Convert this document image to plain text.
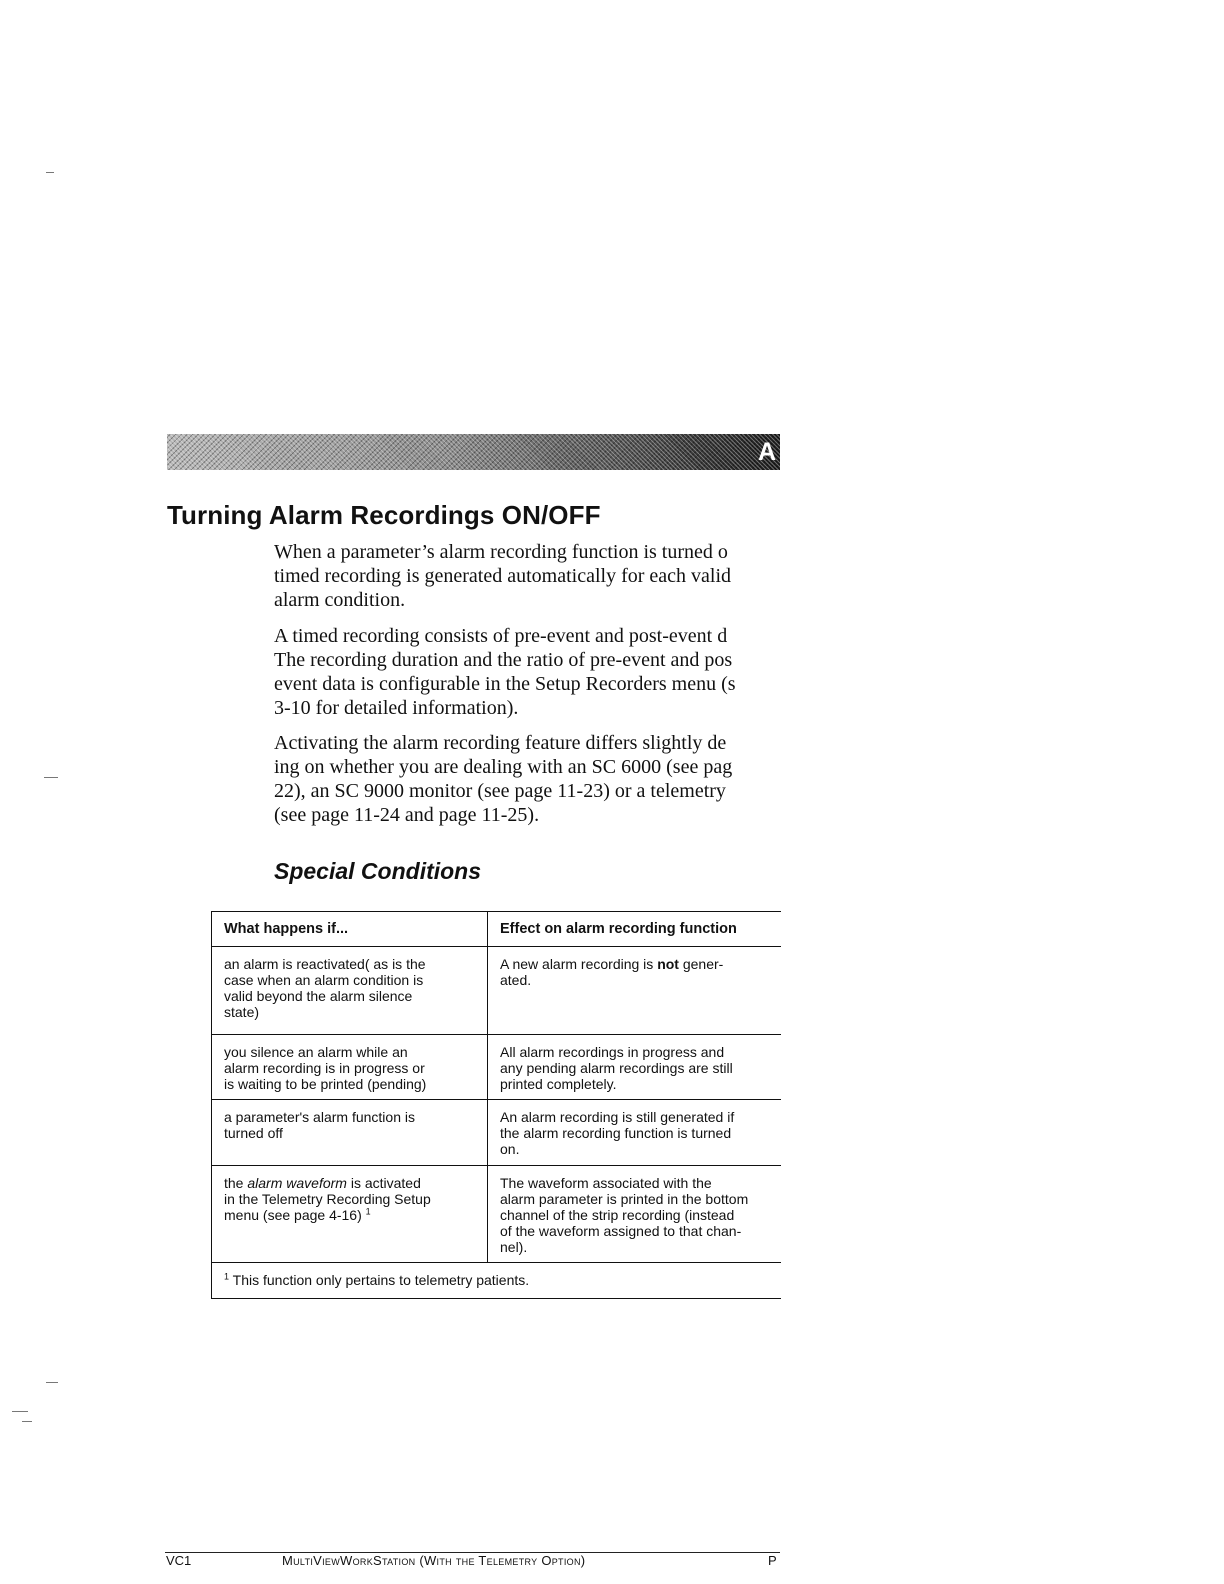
A
Turning Alarm Recordings ON/OFF

When a parameter’s alarm recording function is turned o
timed recording is generated automatically for each valid
alarm condition.

A timed recording consists of pre-event and post-event d
The recording duration and the ratio of pre-event and pos
event data is configurable in the Setup Recorders menu (s
3-10 for detailed information).

Activating the alarm recording feature differs slightly de
ing on whether you are dealing with an SC 6000 (see pag
22), an SC 9000 monitor (see page 11-23) or a telemetry
(see page 11-24 and page 11-25).

Special Conditions
What happens if...	Effect on alarm recording function

an alarm is reactivated( as is the
case when an alarm condition is
valid beyond the alarm silence
state)	A new alarm recording is not gener-
ated.

you silence an alarm while an
alarm recording is in progress or
is waiting to be printed (pending)	All alarm recordings in progress and
any pending alarm recordings are still
printed completely.

a parameter's alarm function is
turned off	An alarm recording is still generated if
the alarm recording function is turned
on.

the alarm waveform is activated
in the Telemetry Recording Setup
menu (see page 4-16) $^1$	The waveform associated with the
alarm parameter is printed in the bottom
channel of the strip recording (instead
of the waveform assigned to that chan-
nel).

$^1$ This function only pertains to telemetry patients.	
VC1	MultiViewWorkStation (With the Telemetry Option)	P
